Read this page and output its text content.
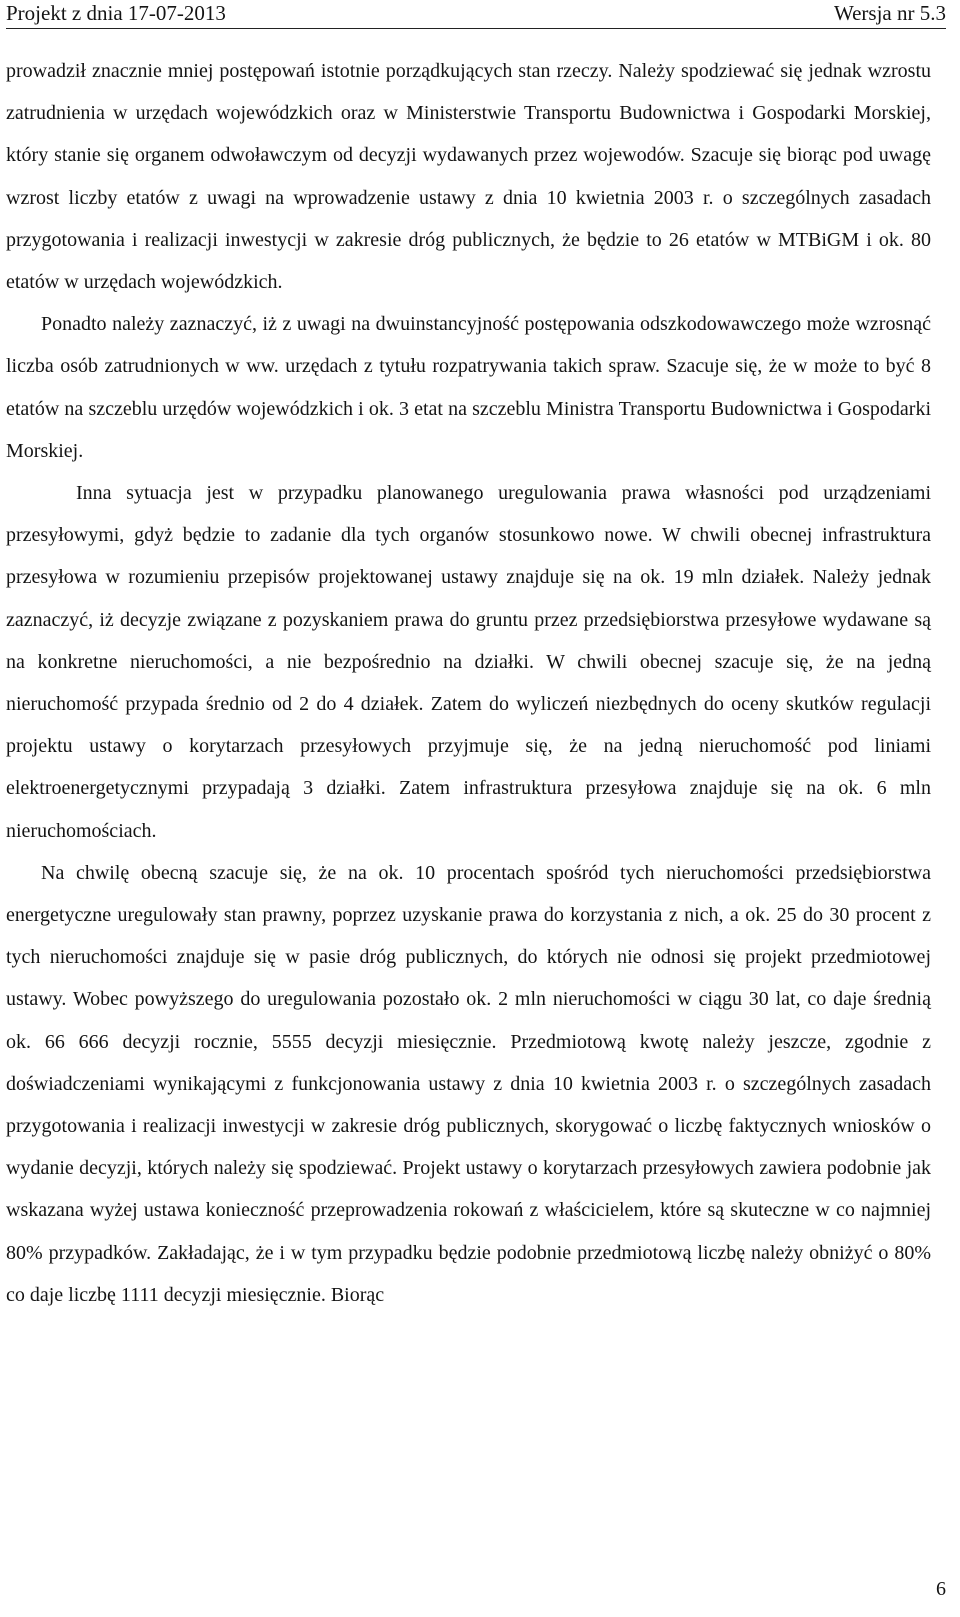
Projekt z dnia 17-07-2013	Wersja nr 5.3

prowadził znacznie mniej postępowań istotnie porządkujących stan rzeczy. Należy spodziewać się jednak wzrostu zatrudnienia w urzędach wojewódzkich oraz w Ministerstwie Transportu Budownictwa i Gospodarki Morskiej, który stanie się organem odwoławczym od decyzji wydawanych przez wojewodów. Szacuje się biorąc pod uwagę wzrost liczby etatów z uwagi na wprowadzenie ustawy z dnia 10 kwietnia 2003 r. o szczególnych zasadach przygotowania i realizacji inwestycji w zakresie dróg publicznych, że będzie to 26 etatów w MTBiGM i ok. 80 etatów w urzędach wojewódzkich.

Ponadto należy zaznaczyć, iż z uwagi na dwuinstancyjność postępowania odszkodowawczego może wzrosnąć liczba osób zatrudnionych w ww. urzędach z tytułu rozpatrywania takich spraw. Szacuje się, że w może to być 8 etatów na szczeblu urzędów wojewódzkich i ok. 3 etat na szczeblu Ministra Transportu Budownictwa i Gospodarki Morskiej.

Inna sytuacja jest w przypadku planowanego uregulowania prawa własności pod urządzeniami przesyłowymi, gdyż będzie to zadanie dla tych organów stosunkowo nowe. W chwili obecnej infrastruktura przesyłowa w rozumieniu przepisów projektowanej ustawy znajduje się na ok. 19 mln działek. Należy jednak zaznaczyć, iż decyzje związane z pozyskaniem prawa do gruntu przez przedsiębiorstwa przesyłowe wydawane są na konkretne nieruchomości, a nie bezpośrednio na działki. W chwili obecnej szacuje się, że na jedną nieruchomość przypada średnio od 2 do 4 działek. Zatem do wyliczeń niezbędnych do oceny skutków regulacji projektu ustawy o korytarzach przesyłowych przyjmuje się, że na jedną nieruchomość pod liniami elektroenergetycznymi przypadają 3 działki. Zatem infrastruktura przesyłowa znajduje się na ok. 6 mln nieruchomościach.

Na chwilę obecną szacuje się, że na ok. 10 procentach spośród tych nieruchomości przedsiębiorstwa energetyczne uregulowały stan prawny, poprzez uzyskanie prawa do korzystania z nich, a ok. 25 do 30 procent z tych nieruchomości znajduje się w pasie dróg publicznych, do których nie odnosi się projekt przedmiotowej ustawy. Wobec powyższego do uregulowania pozostało ok. 2 mln nieruchomości w ciągu 30 lat, co daje średnią ok. 66 666 decyzji rocznie, 5555 decyzji miesięcznie. Przedmiotową kwotę należy jeszcze, zgodnie z doświadczeniami wynikającymi z funkcjonowania ustawy z dnia 10 kwietnia 2003 r. o szczególnych zasadach przygotowania i realizacji inwestycji w zakresie dróg publicznych, skorygować o liczbę faktycznych wniosków o wydanie decyzji, których należy się spodziewać. Projekt ustawy o korytarzach przesyłowych zawiera podobnie jak wskazana wyżej ustawa konieczność przeprowadzenia rokowań z właścicielem, które są skuteczne w co najmniej 80% przypadków. Zakładając, że i w tym przypadku będzie podobnie przedmiotową liczbę należy obniżyć o 80% co daje liczbę 1111 decyzji miesięcznie. Biorąc

6
